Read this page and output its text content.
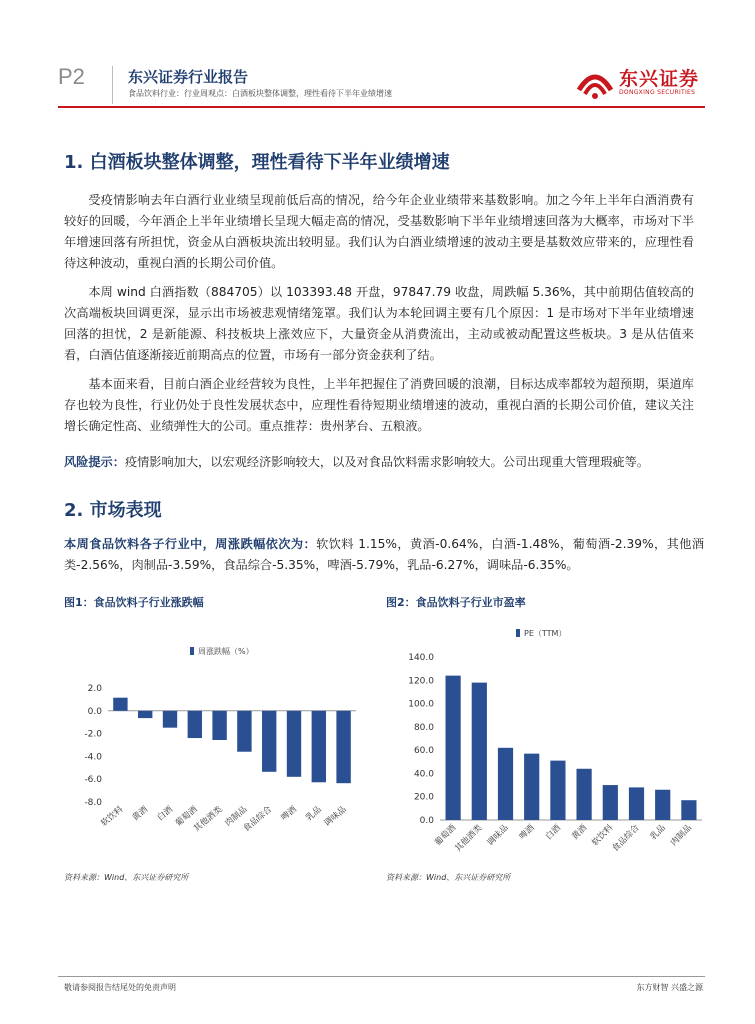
P2	东兴证券行业报告
食品饮料行业：行业周观点：白酒板块整体调整，理性看待下半年业绩增速
东兴证券
DONGXING SECURITIES
1. 白酒板块整体调整，理性看待下半年业绩增速
受疫情影响去年白酒行业业绩呈现前低后高的情况，给今年企业业绩带来基数影响。加之今年上半年白酒消费有较好的回暖，今年酒企上半年业绩增长呈现大幅走高的情况，受基数影响下半年业绩增速回落为大概率，市场对下半年增速回落有所担忧，资金从白酒板块流出较明显。我们认为白酒业绩增速的波动主要是基数效应带来的，应理性看待这种波动，重视白酒的长期公司价值。
本周 wind 白酒指数（884705）以 103393.48 开盘，97847.79 收盘，周跌幅 5.36%，其中前期估值较高的次高端板块回调更深，显示出市场被悲观情绪笼罩。我们认为本轮回调主要有几个原因：1 是市场对下半年业绩增速回落的担忧，2 是新能源、科技板块上涨效应下，大量资金从消费流出，主动或被动配置这些板块。3 是从估值来看，白酒估值逐渐接近前期高点的位置，市场有一部分资金获利了结。
基本面来看，目前白酒企业经营较为良性，上半年把握住了消费回暖的浪潮，目标达成率都较为超预期，渠道库存也较为良性，行业仍处于良性发展状态中，应理性看待短期业绩增速的波动，重视白酒的长期公司价值，建议关注增长确定性高、业绩弹性大的公司。重点推荐：贵州茅台、五粮液。
风险提示：疫情影响加大，以宏观经济影响较大，以及对食品饮料需求影响较大。公司出现重大管理瑕疵等。
2. 市场表现
本周食品饮料各子行业中，周涨跌幅依次为：软饮料 1.15%，黄酒-0.64%，白酒-1.48%，葡萄酒-2.39%，其他酒类-2.56%，肉制品-3.59%，食品综合-5.35%，啤酒-5.79%，乳品-6.27%，调味品-6.35%。
图1：食品饮料子行业涨跌幅	图2：食品饮料子行业市盈率
周涨跌幅（%）
2.0
0.0
-2.0
-4.0
-6.0
-8.0
软饮料 黄酒 白酒
葡萄酒
其他酒类
肉制品
食品综合 啤酒 乳品
调味品
PE（TTM）
140.0
120.0
100.0
80.0
60.0
40.0
20.0
0.0
葡萄酒
其他酒类 调味品 啤酒 白酒 黄酒 软饮料
食品综合 乳品 肉制品
资料来源：Wind、东兴证券研究所	资料来源：Wind、东兴证券研究所
敬请参阅报告结尾处的免责声明	东方财智 兴盛之源
